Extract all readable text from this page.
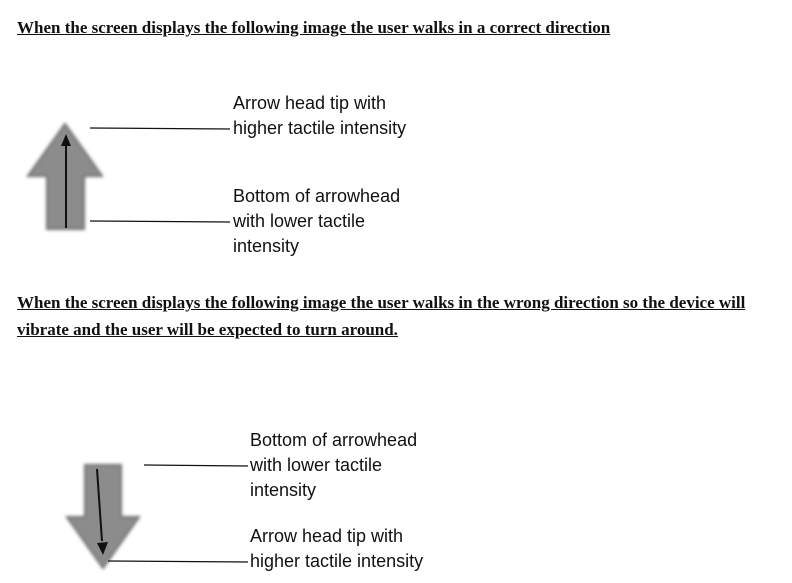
When the screen displays the following image the user walks in a correct direction

Arrow head tip with
higher tactile intensity
Bottom of arrowhead
with lower tactile
intensity

When the screen displays the following image the user walks in the wrong direction so the device will vibrate and the user will be expected to turn around.

Bottom of arrowhead
with lower tactile
intensity
Arrow head tip with
higher tactile intensity
